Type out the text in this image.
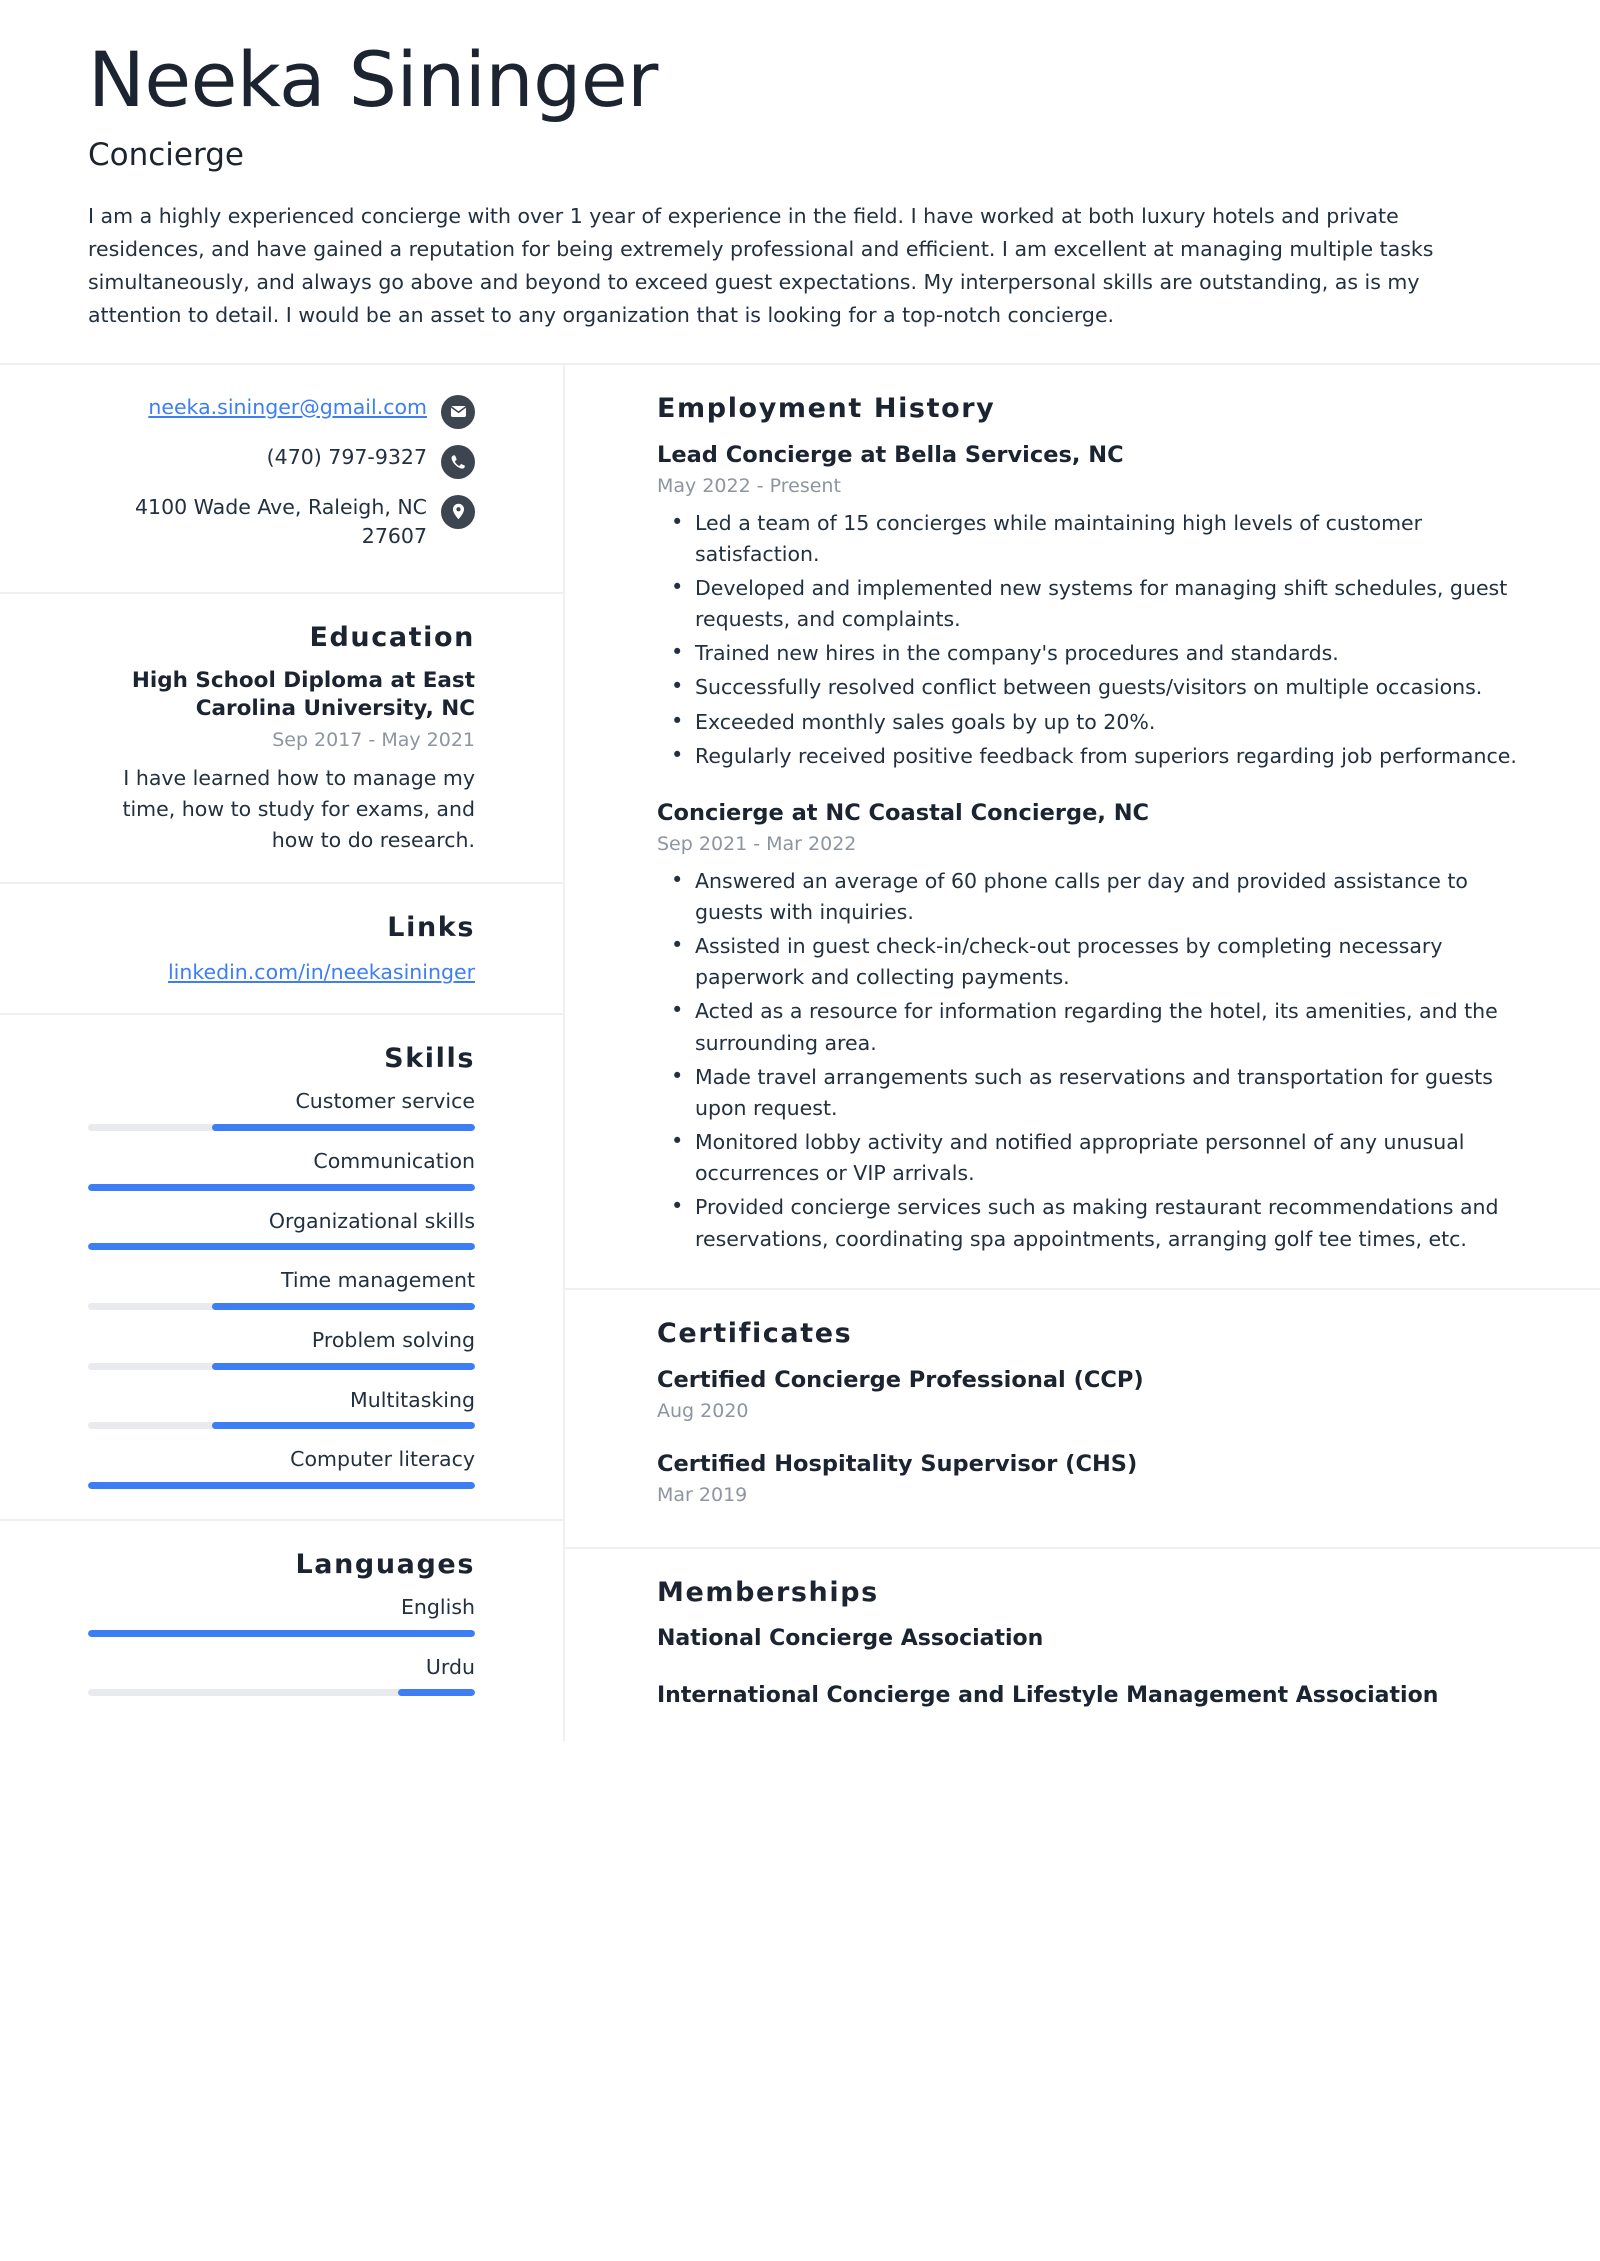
Neeka Sininger
Concierge

I am a highly experienced concierge with over 1 year of experience in the field. I have worked at both luxury hotels and private residences, and have gained a reputation for being extremely professional and efficient. I am excellent at managing multiple tasks simultaneously, and always go above and beyond to exceed guest expectations. My interpersonal skills are outstanding, as is my attention to detail. I would be an asset to any organization that is looking for a top-notch concierge.

neeka.sininger@gmail.com
(470) 797-9327
4100 Wade Ave, Raleigh, NC 27607
Education
High School Diploma at East Carolina University, NC
Sep 2017 - May 2021
I have learned how to manage my time, how to study for exams, and how to do research.
Links
linkedin.com/in/neekasininger
Skills
Customer service
Communication
Organizational skills
Time management
Problem solving
Multitasking
Computer literacy
Languages
English
Urdu
Employment History
Lead Concierge at Bella Services, NC
May 2022 - Present
• Led a team of 15 concierges while maintaining high levels of customer satisfaction.
• Developed and implemented new systems for managing shift schedules, guest requests, and complaints.
• Trained new hires in the company's procedures and standards.
• Successfully resolved conflict between guests/visitors on multiple occasions.
• Exceeded monthly sales goals by up to 20%.
• Regularly received positive feedback from superiors regarding job performance.
Concierge at NC Coastal Concierge, NC
Sep 2021 - Mar 2022
• Answered an average of 60 phone calls per day and provided assistance to guests with inquiries.
• Assisted in guest check-in/check-out processes by completing necessary paperwork and collecting payments.
• Acted as a resource for information regarding the hotel, its amenities, and the surrounding area.
• Made travel arrangements such as reservations and transportation for guests upon request.
• Monitored lobby activity and notified appropriate personnel of any unusual occurrences or VIP arrivals.
• Provided concierge services such as making restaurant recommendations and reservations, coordinating spa appointments, arranging golf tee times, etc.
Certificates
Certified Concierge Professional (CCP)
Aug 2020
Certified Hospitality Supervisor (CHS)
Mar 2019
Memberships
National Concierge Association
International Concierge and Lifestyle Management Association
